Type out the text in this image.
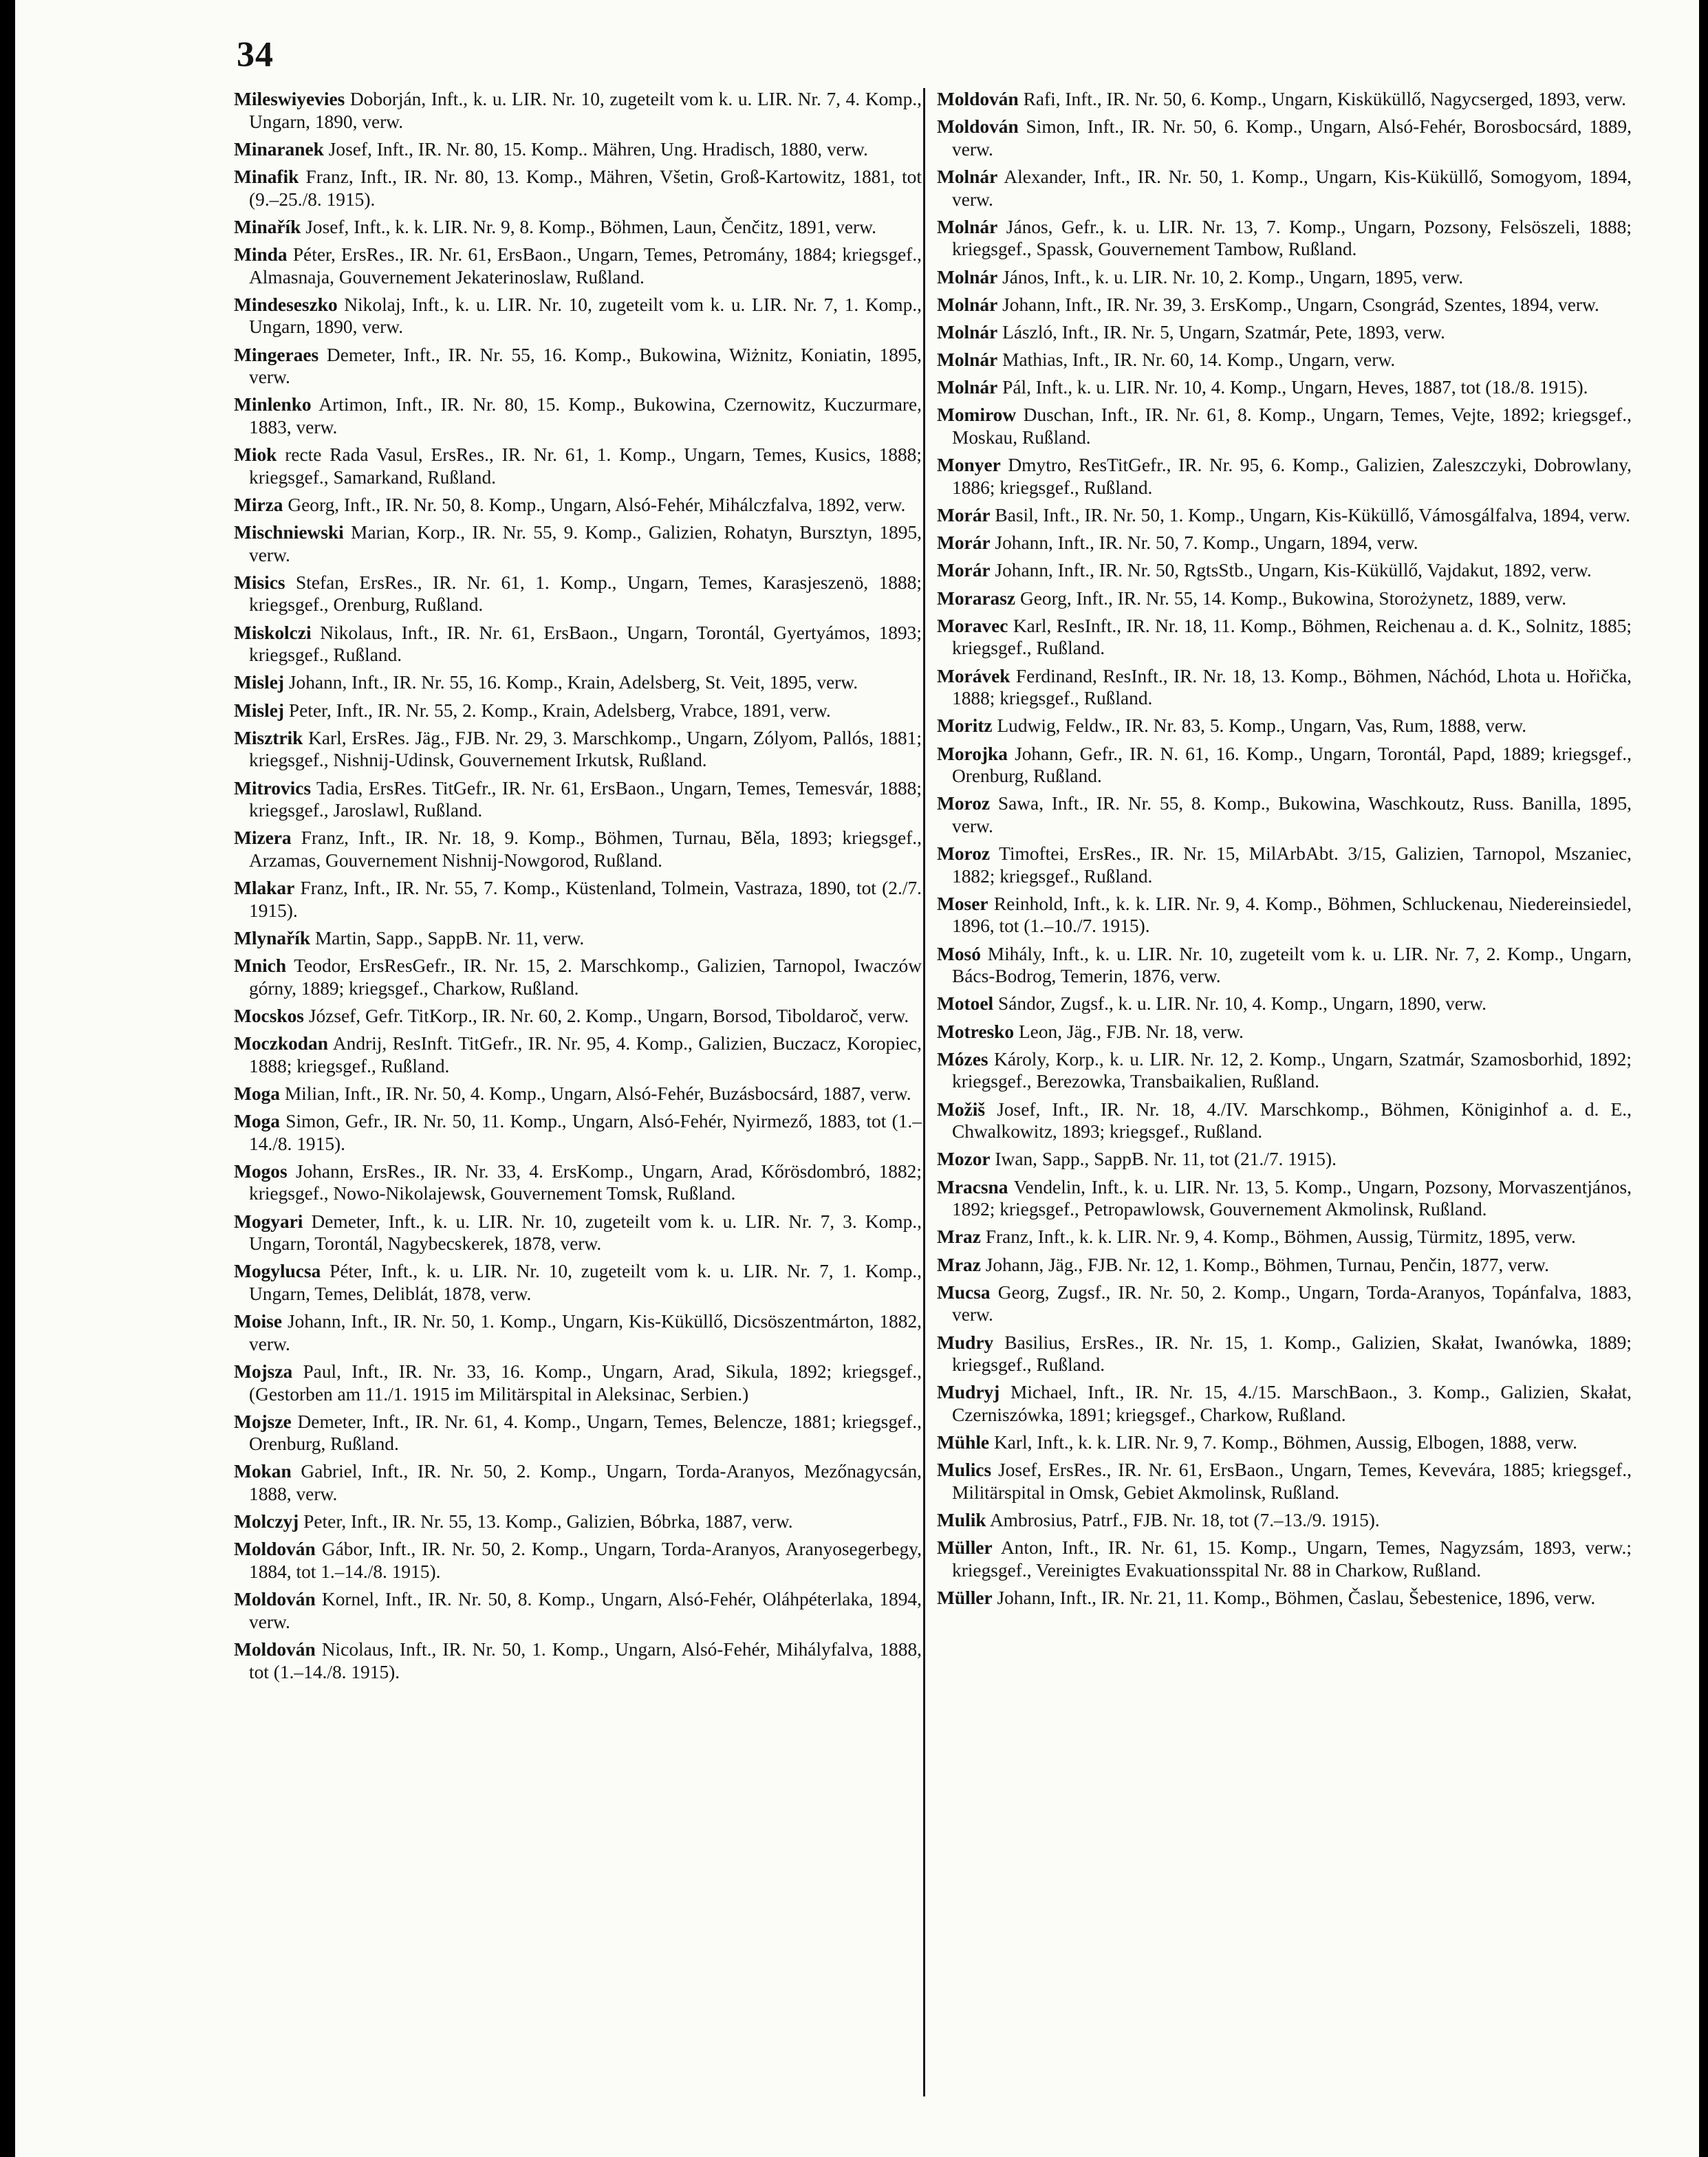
34

Mileswiyevies Doborján, Inft., k. u. LIR. Nr. 10, zugeteilt vom k. u. LIR. Nr. 7, 4. Komp., Ungarn, 1890, verw.

Minaranek Josef, Inft., IR. Nr. 80, 15. Komp.. Mähren, Ung. Hradisch, 1880, verw.

Minafik Franz, Inft., IR. Nr. 80, 13. Komp., Mähren, Všetin, Groß-Kartowitz, 1881, tot (9.–25./8. 1915).

Minařík Josef, Inft., k. k. LIR. Nr. 9, 8. Komp., Böhmen, Laun, Čenčitz, 1891, verw.

Minda Péter, ErsRes., IR. Nr. 61, ErsBaon., Ungarn, Temes, Petromány, 1884; kriegsgef., Almasnaja, Gouvernement Jekaterinoslaw, Rußland.

Mindeseszko Nikolaj, Inft., k. u. LIR. Nr. 10, zugeteilt vom k. u. LIR. Nr. 7, 1. Komp., Ungarn, 1890, verw.

Mingeraes Demeter, Inft., IR. Nr. 55, 16. Komp., Bukowina, Wiżnitz, Koniatin, 1895, verw.

Minlenko Artimon, Inft., IR. Nr. 80, 15. Komp., Bukowina, Czernowitz, Kuczurmare, 1883, verw.

Miok recte Rada Vasul, ErsRes., IR. Nr. 61, 1. Komp., Ungarn, Temes, Kusics, 1888; kriegsgef., Samarkand, Rußland.

Mirza Georg, Inft., IR. Nr. 50, 8. Komp., Ungarn, Alsó-Fehér, Mihálczfalva, 1892, verw.

Mischniewski Marian, Korp., IR. Nr. 55, 9. Komp., Galizien, Rohatyn, Bursztyn, 1895, verw.

Misics Stefan, ErsRes., IR. Nr. 61, 1. Komp., Ungarn, Temes, Karasjeszenö, 1888; kriegsgef., Orenburg, Rußland.

Miskolczi Nikolaus, Inft., IR. Nr. 61, ErsBaon., Ungarn, Torontál, Gyertyámos, 1893; kriegsgef., Rußland.

Mislej Johann, Inft., IR. Nr. 55, 16. Komp., Krain, Adelsberg, St. Veit, 1895, verw.

Mislej Peter, Inft., IR. Nr. 55, 2. Komp., Krain, Adelsberg, Vrabce, 1891, verw.

Misztrik Karl, ErsRes. Jäg., FJB. Nr. 29, 3. Marschkomp., Ungarn, Zólyom, Pallós, 1881; kriegsgef., Nishnij-Udinsk, Gouvernement Irkutsk, Rußland.

Mitrovics Tadia, ErsRes. TitGefr., IR. Nr. 61, ErsBaon., Ungarn, Temes, Temesvár, 1888; kriegsgef., Jaroslawl, Rußland.

Mizera Franz, Inft., IR. Nr. 18, 9. Komp., Böhmen, Turnau, Běla, 1893; kriegsgef., Arzamas, Gouvernement Nishnij-Nowgorod, Rußland.

Mlakar Franz, Inft., IR. Nr. 55, 7. Komp., Küstenland, Tolmein, Vastraza, 1890, tot (2./7. 1915).

Mlynařík Martin, Sapp., SappB. Nr. 11, verw.

Mnich Teodor, ErsResGefr., IR. Nr. 15, 2. Marschkomp., Galizien, Tarnopol, Iwaczów górny, 1889; kriegsgef., Charkow, Rußland.

Mocskos József, Gefr. TitKorp., IR. Nr. 60, 2. Komp., Ungarn, Borsod, Tiboldaroč, verw.

Moczkodan Andrij, ResInft. TitGefr., IR. Nr. 95, 4. Komp., Galizien, Buczacz, Koropiec, 1888; kriegsgef., Rußland.

Moga Milian, Inft., IR. Nr. 50, 4. Komp., Ungarn, Alsó-Fehér, Buzásbocsárd, 1887, verw.

Moga Simon, Gefr., IR. Nr. 50, 11. Komp., Ungarn, Alsó-Fehér, Nyirmező, 1883, tot (1.–14./8. 1915).

Mogos Johann, ErsRes., IR. Nr. 33, 4. ErsKomp., Ungarn, Arad, Kőrösdombró, 1882; kriegsgef., Nowo-Nikolajewsk, Gouvernement Tomsk, Rußland.

Mogyari Demeter, Inft., k. u. LIR. Nr. 10, zugeteilt vom k. u. LIR. Nr. 7, 3. Komp., Ungarn, Torontál, Nagybecskerek, 1878, verw.

Mogylucsa Péter, Inft., k. u. LIR. Nr. 10, zugeteilt vom k. u. LIR. Nr. 7, 1. Komp., Ungarn, Temes, Deliblát, 1878, verw.

Moise Johann, Inft., IR. Nr. 50, 1. Komp., Ungarn, Kis-Küküllő, Dicsöszentmárton, 1882, verw.

Mojsza Paul, Inft., IR. Nr. 33, 16. Komp., Ungarn, Arad, Sikula, 1892; kriegsgef., (Gestorben am 11./1. 1915 im Militärspital in Aleksinac, Serbien.)

Mojsze Demeter, Inft., IR. Nr. 61, 4. Komp., Ungarn, Temes, Belencze, 1881; kriegsgef., Orenburg, Rußland.

Mokan Gabriel, Inft., IR. Nr. 50, 2. Komp., Ungarn, Torda-Aranyos, Mezőnagycsán, 1888, verw.

Molczyj Peter, Inft., IR. Nr. 55, 13. Komp., Galizien, Bóbrka, 1887, verw.

Moldován Gábor, Inft., IR. Nr. 50, 2. Komp., Ungarn, Torda-Aranyos, Aranyosegerbegy, 1884, tot 1.–14./8. 1915).

Moldován Kornel, Inft., IR. Nr. 50, 8. Komp., Ungarn, Alsó-Fehér, Oláhpéterlaka, 1894, verw.

Moldován Nicolaus, Inft., IR. Nr. 50, 1. Komp., Ungarn, Alsó-Fehér, Mihályfalva, 1888, tot (1.–14./8. 1915).

Moldován Rafi, Inft., IR. Nr. 50, 6. Komp., Ungarn, Kisküküllő, Nagycserged, 1893, verw.

Moldován Simon, Inft., IR. Nr. 50, 6. Komp., Ungarn, Alsó-Fehér, Borosbocsárd, 1889, verw.

Molnár Alexander, Inft., IR. Nr. 50, 1. Komp., Ungarn, Kis-Küküllő, Somogyom, 1894, verw.

Molnár János, Gefr., k. u. LIR. Nr. 13, 7. Komp., Ungarn, Pozsony, Felsöszeli, 1888; kriegsgef., Spassk, Gouvernement Tambow, Rußland.

Molnár János, Inft., k. u. LIR. Nr. 10, 2. Komp., Ungarn, 1895, verw.

Molnár Johann, Inft., IR. Nr. 39, 3. ErsKomp., Ungarn, Csongrád, Szentes, 1894, verw.

Molnár László, Inft., IR. Nr. 5, Ungarn, Szatmár, Pete, 1893, verw.

Molnár Mathias, Inft., IR. Nr. 60, 14. Komp., Ungarn, verw.

Molnár Pál, Inft., k. u. LIR. Nr. 10, 4. Komp., Ungarn, Heves, 1887, tot (18./8. 1915).

Momirow Duschan, Inft., IR. Nr. 61, 8. Komp., Ungarn, Temes, Vejte, 1892; kriegsgef., Moskau, Rußland.

Monyer Dmytro, ResTitGefr., IR. Nr. 95, 6. Komp., Galizien, Zaleszczyki, Dobrowlany, 1886; kriegsgef., Rußland.

Morár Basil, Inft., IR. Nr. 50, 1. Komp., Ungarn, Kis-Küküllő, Vámosgálfalva, 1894, verw.

Morár Johann, Inft., IR. Nr. 50, 7. Komp., Ungarn, 1894, verw.

Morár Johann, Inft., IR. Nr. 50, RgtsStb., Ungarn, Kis-Küküllő, Vajdakut, 1892, verw.

Morarasz Georg, Inft., IR. Nr. 55, 14. Komp., Bukowina, Storożynetz, 1889, verw.

Moravec Karl, ResInft., IR. Nr. 18, 11. Komp., Böhmen, Reichenau a. d. K., Solnitz, 1885; kriegsgef., Rußland.

Morávek Ferdinand, ResInft., IR. Nr. 18, 13. Komp., Böhmen, Náchód, Lhota u. Hořička, 1888; kriegsgef., Rußland.

Moritz Ludwig, Feldw., IR. Nr. 83, 5. Komp., Ungarn, Vas, Rum, 1888, verw.

Morojka Johann, Gefr., IR. N. 61, 16. Komp., Ungarn, Torontál, Papd, 1889; kriegsgef., Orenburg, Rußland.

Moroz Sawa, Inft., IR. Nr. 55, 8. Komp., Bukowina, Waschkoutz, Russ. Banilla, 1895, verw.

Moroz Timoftei, ErsRes., IR. Nr. 15, MilArbAbt. 3/15, Galizien, Tarnopol, Mszaniec, 1882; kriegsgef., Rußland.

Moser Reinhold, Inft., k. k. LIR. Nr. 9, 4. Komp., Böhmen, Schluckenau, Niedereinsiedel, 1896, tot (1.–10./7. 1915).

Mosó Mihály, Inft., k. u. LIR. Nr. 10, zugeteilt vom k. u. LIR. Nr. 7, 2. Komp., Ungarn, Bács-Bodrog, Temerin, 1876, verw.

Motoel Sándor, Zugsf., k. u. LIR. Nr. 10, 4. Komp., Ungarn, 1890, verw.

Motresko Leon, Jäg., FJB. Nr. 18, verw.

Mózes Károly, Korp., k. u. LIR. Nr. 12, 2. Komp., Ungarn, Szatmár, Szamosborhid, 1892; kriegsgef., Berezowka, Transbaikalien, Rußland.

Možiš Josef, Inft., IR. Nr. 18, 4./IV. Marschkomp., Böhmen, Königinhof a. d. E., Chwalkowitz, 1893; kriegsgef., Rußland.

Mozor Iwan, Sapp., SappB. Nr. 11, tot (21./7. 1915).

Mracsna Vendelin, Inft., k. u. LIR. Nr. 13, 5. Komp., Ungarn, Pozsony, Morvaszentjános, 1892; kriegsgef., Petropawlowsk, Gouvernement Akmolinsk, Rußland.

Mraz Franz, Inft., k. k. LIR. Nr. 9, 4. Komp., Böhmen, Aussig, Türmitz, 1895, verw.

Mraz Johann, Jäg., FJB. Nr. 12, 1. Komp., Böhmen, Turnau, Penčin, 1877, verw.

Mucsa Georg, Zugsf., IR. Nr. 50, 2. Komp., Ungarn, Torda-Aranyos, Topánfalva, 1883, verw.

Mudry Basilius, ErsRes., IR. Nr. 15, 1. Komp., Galizien, Skałat, Iwanówka, 1889; kriegsgef., Rußland.

Mudryj Michael, Inft., IR. Nr. 15, 4./15. MarschBaon., 3. Komp., Galizien, Skałat, Czerniszówka, 1891; kriegsgef., Charkow, Rußland.

Mühle Karl, Inft., k. k. LIR. Nr. 9, 7. Komp., Böhmen, Aussig, Elbogen, 1888, verw.

Mulics Josef, ErsRes., IR. Nr. 61, ErsBaon., Ungarn, Temes, Kevevára, 1885; kriegsgef., Militärspital in Omsk, Gebiet Akmolinsk, Rußland.

Mulik Ambrosius, Patrf., FJB. Nr. 18, tot (7.–13./9. 1915).

Müller Anton, Inft., IR. Nr. 61, 15. Komp., Ungarn, Temes, Nagyzsám, 1893, verw.; kriegsgef., Vereinigtes Evakuationsspital Nr. 88 in Charkow, Rußland.

Müller Johann, Inft., IR. Nr. 21, 11. Komp., Böhmen, Časlau, Šebestenice, 1896, verw.
